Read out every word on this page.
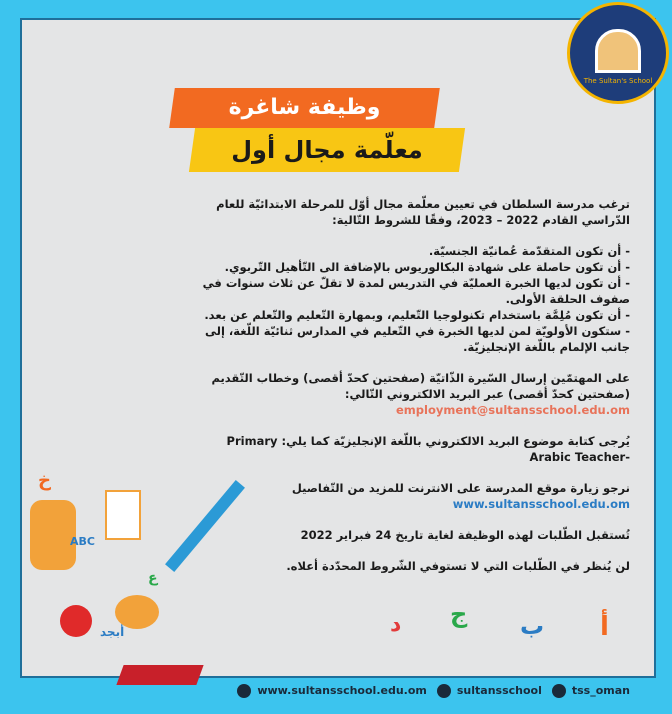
The Sultan's School
وظيفة شاغرة
معلّمة مجال أول

ترغب مدرسة السلطان في تعيين معلّمة مجال أوّل للمرحلة الابتدائيّة للعام الدّراسي القادم 2022 – 2023، وفقًا للشروط التّالية:

- أن تكون المتقدّمة عُمانيّة الجنسيّة.
- أن تكون حاصلة على شهادة البكالوريوس بالإضافة الى التّأهيل التّربوي.
- أن تكون لديها الخبرة العمليّة في التدريس لمدة لا تقلّ عن ثلاث سنوات في صفوف الحلقة الأولى.
- أن تكون مُلِمَّة باستخدام تكنولوجيا التّعليم، وبمهارة التّعليم والتّعلم عن بعد.
- ستكون الأولويّة لمن لديها الخبرة في التّعليم في المدارس ثنائيّة اللّغة، إلى جانب الإلمام باللّغة الإنجليزيّة.

على المهتمّين إرسال السّيرة الذّاتيّة (صفحتين كحدّ أقصى) وخطاب التّقديم (صفحتين كحدّ أقصى) عبر البريد الالكتروني التّالي: employment@sultansschool.edu.om

يُرجى كتابة موضوع البريد الالكتروني باللّغة الإنجليزيّة كما يلي: Primary Arabic Teacher-

نرجو زيارة موقع المدرسة على الانترنت للمزيد من التّفاصيل
www.sultansschool.edu.om

تُستقبل الطّلبات لهذه الوظيفة لغاية تاريخ 24 فبراير 2022

لن يُنظر في الطّلبات التي لا تستوفي الشّروط المحدّدة أعلاه.

أ
ب
ج
د
ABC
أبجد
خ
ع
www.sultansschool.edu.om	sultansschool	tss_oman
